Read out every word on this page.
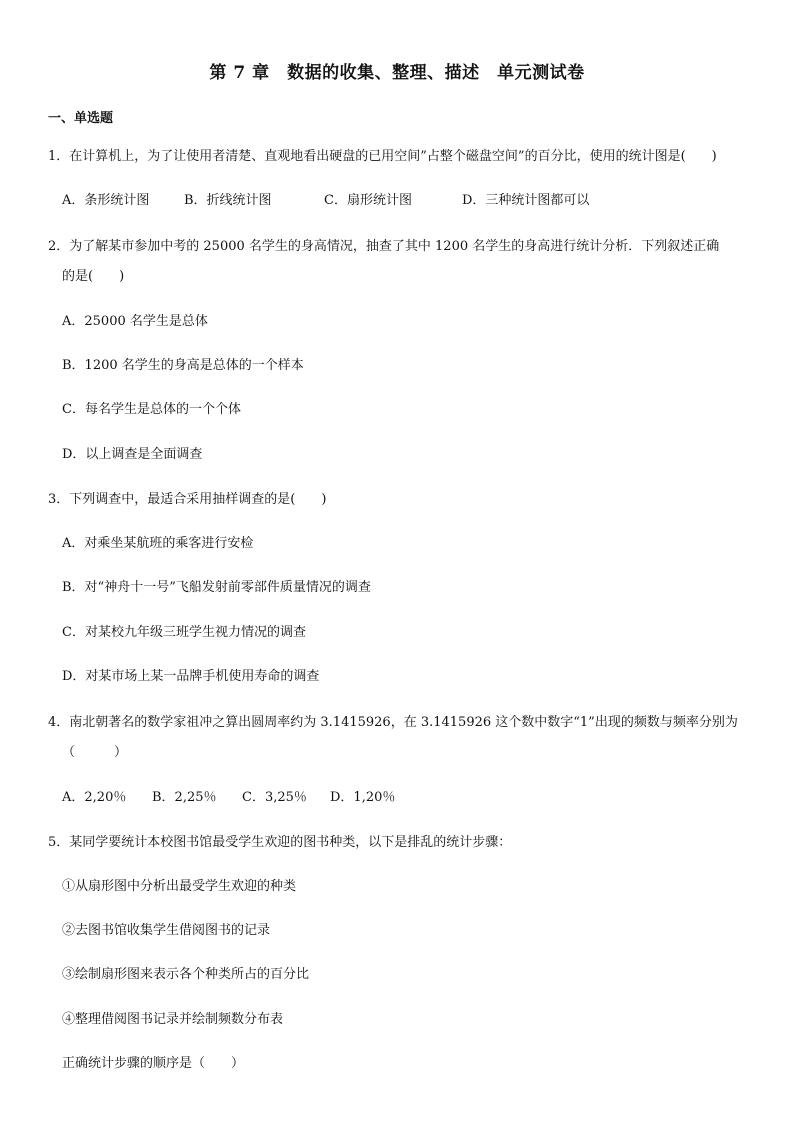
第 7 章　数据的收集、整理、描述　单元测试卷
一、单选题
1．在计算机上，为了让使用者清楚、直观地看出硬盘的已用空间”占整个磁盘空间”的百分比，使用的统计图是(　　)
A．条形统计图	B．折线统计图	C．扇形统计图	D．三种统计图都可以
2．为了解某市参加中考的 25000 名学生的身高情况，抽查了其中 1200 名学生的身高进行统计分析．下列叙述正确
的是(　　)
A．25000 名学生是总体
B．1200 名学生的身高是总体的一个样本
C．每名学生是总体的一个个体
D．以上调查是全面调查
3．下列调查中，最适合采用抽样调查的是(　　)
A．对乘坐某航班的乘客进行安检
B．对“神舟十一号”飞船发射前零部件质量情况的调查
C．对某校九年级三班学生视力情况的调查
D．对某市场上某一品牌手机使用寿命的调查
4．南北朝著名的数学家祖冲之算出圆周率约为 3.1415926，在 3.1415926 这个数中数字“1”出现的频数与频率分别为
（　　　）
A．2,20％ B．2,25％ C．3,25％ D．1,20％
5．某同学要统计本校图书馆最受学生欢迎的图书种类，以下是排乱的统计步骤：
①从扇形图中分析出最受学生欢迎的种类
②去图书馆收集学生借阅图书的记录
③绘制扇形图来表示各个种类所占的百分比
④整理借阅图书记录并绘制频数分布表
正确统计步骤的顺序是（　　）
